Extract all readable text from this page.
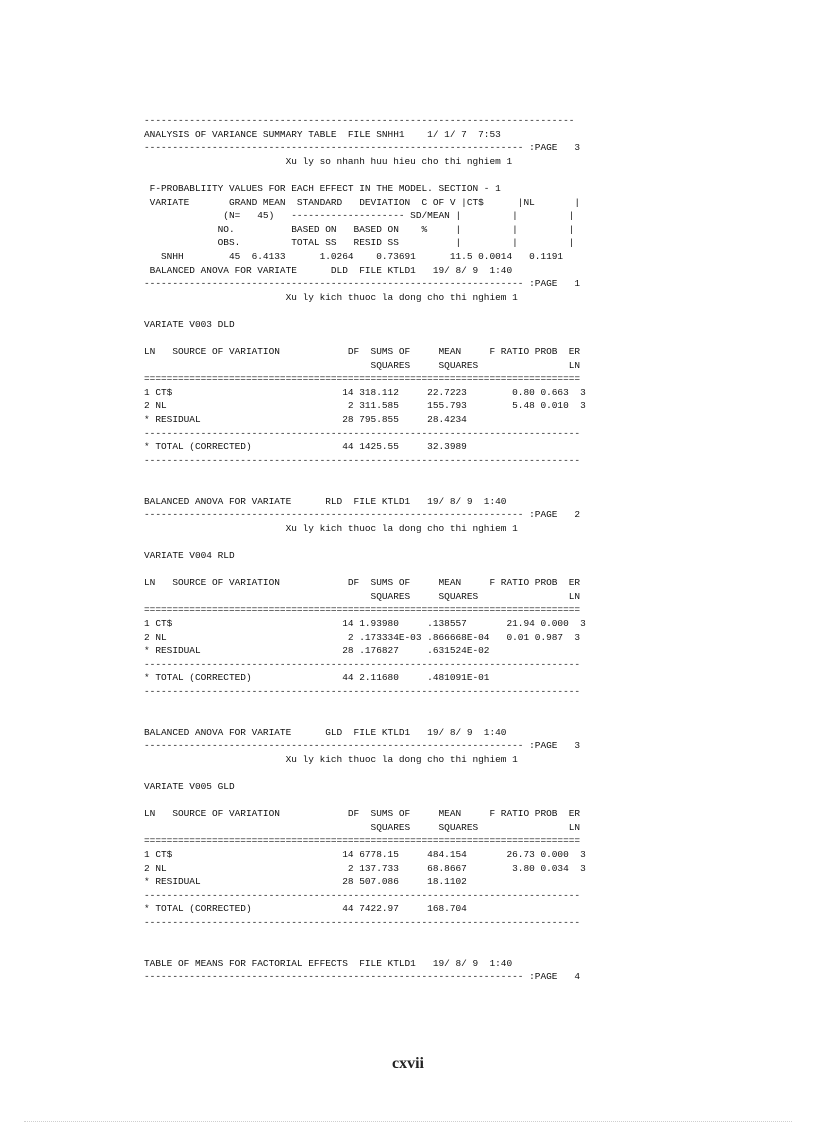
----------------------------------------------------------------------------
ANALYSIS OF VARIANCE SUMMARY TABLE  FILE SNHH1    1/ 1/ 7  7:53
------------------------------------------------------------------- :PAGE   3
Xu ly so nhanh huu hieu cho thi nghiem 1
F-PROBABLIITY VALUES FOR EACH EFFECT IN THE MODEL. SECTION - 1
VARIATE       GRAND MEAN  STANDARD   DEVIATION  C OF V |CT$      |NL       |
(N=   45)   -------------------- SD/MEAN |         |         |
NO.          BASED ON   BASED ON    %     |         |         |
OBS.         TOTAL SS   RESID SS          |         |         |
SNHH        45  6.4133      1.0264    0.73691      11.5 0.0014   0.1191
BALANCED ANOVA FOR VARIATE      DLD  FILE KTLD1   19/ 8/ 9  1:40
------------------------------------------------------------------- :PAGE   1
Xu ly kich thuoc la dong cho thi nghiem 1
VARIATE V003 DLD
LN   SOURCE OF VARIATION            DF  SUMS OF     MEAN     F RATIO PROB  ER
SQUARES     SQUARES                LN
=============================================================================
1 CT$                              14 318.112     22.7223        0.80 0.663  3
2 NL                                2 311.585     155.793        5.48 0.010  3
* RESIDUAL                         28 795.855     28.4234
-----------------------------------------------------------------------------
* TOTAL (CORRECTED)                44 1425.55     32.3989
-----------------------------------------------------------------------------
BALANCED ANOVA FOR VARIATE      RLD  FILE KTLD1   19/ 8/ 9  1:40
------------------------------------------------------------------- :PAGE   2
Xu ly kich thuoc la dong cho thi nghiem 1
VARIATE V004 RLD
LN   SOURCE OF VARIATION            DF  SUMS OF     MEAN     F RATIO PROB  ER
SQUARES     SQUARES                LN
=============================================================================
1 CT$                              14 1.93980     .138557       21.94 0.000  3
2 NL                                2 .173334E-03 .866668E-04   0.01 0.987  3
* RESIDUAL                         28 .176827     .631524E-02
-----------------------------------------------------------------------------
* TOTAL (CORRECTED)                44 2.11680     .481091E-01
-----------------------------------------------------------------------------
BALANCED ANOVA FOR VARIATE      GLD  FILE KTLD1   19/ 8/ 9  1:40
------------------------------------------------------------------- :PAGE   3
Xu ly kich thuoc la dong cho thi nghiem 1
VARIATE V005 GLD
LN   SOURCE OF VARIATION            DF  SUMS OF     MEAN     F RATIO PROB  ER
SQUARES     SQUARES                LN
=============================================================================
1 CT$                              14 6778.15     484.154       26.73 0.000  3
2 NL                                2 137.733     68.8667        3.80 0.034  3
* RESIDUAL                         28 507.086     18.1102
-----------------------------------------------------------------------------
* TOTAL (CORRECTED)                44 7422.97     168.704
-----------------------------------------------------------------------------
TABLE OF MEANS FOR FACTORIAL EFFECTS  FILE KTLD1   19/ 8/ 9  1:40
------------------------------------------------------------------- :PAGE   4
cxvii
